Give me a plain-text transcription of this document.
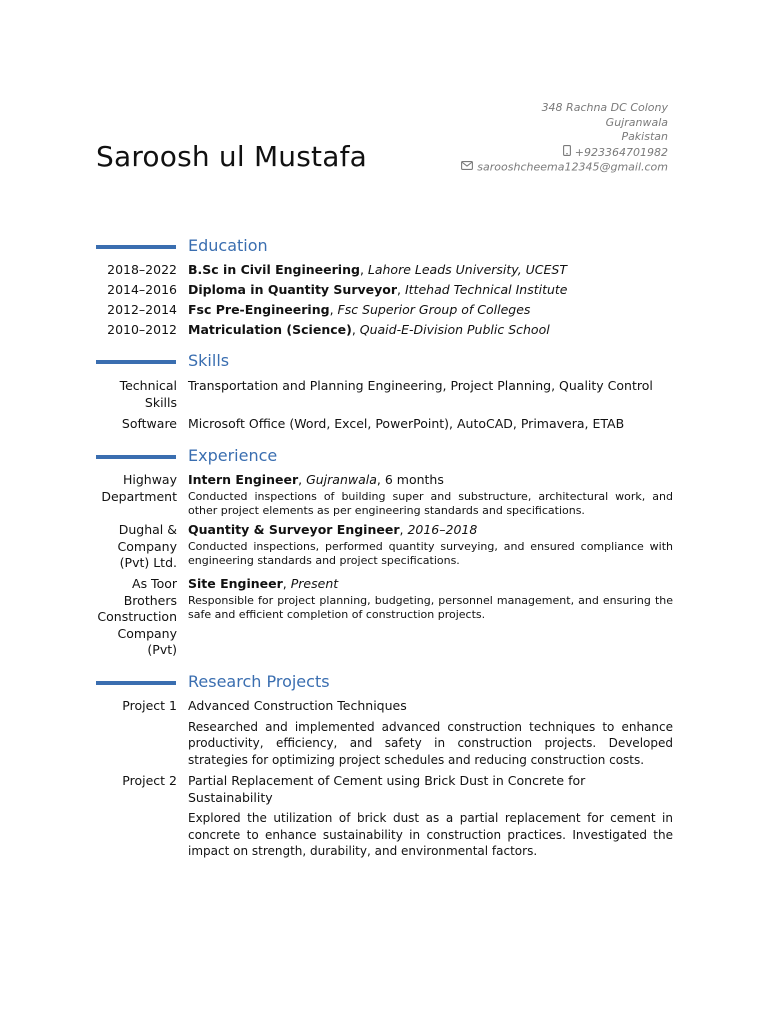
348 Rachna DC Colony
Gujranwala
Pakistan
+923364701982
sarooshcheema12345@gmail.com
Saroosh ul Mustafa
Education
2018–2022 B.Sc in Civil Engineering, Lahore Leads University, UCEST
2014–2016 Diploma in Quantity Surveyor, Ittehad Technical Institute
2012–2014 Fsc Pre-Engineering, Fsc Superior Group of Colleges
2010–2012 Matriculation (Science), Quaid-E-Division Public School
Skills
Technical Skills
Transportation and Planning Engineering, Project Planning, Quality Control
Software Microsoft Office (Word, Excel, PowerPoint), AutoCAD, Primavera, ETAB
Experience
Highway Department
Intern Engineer, Gujranwala, 6 months
Conducted inspections of building super and substructure, architectural work, and other project elements as per engineering standards and specifications.
Dughal & Company (Pvt) Ltd.
Quantity & Surveyor Engineer, 2016–2018
Conducted inspections, performed quantity surveying, and ensured compliance with engineering standards and project specifications.
As Toor Brothers Construction Company (Pvt)
Site Engineer, Present
Responsible for project planning, budgeting, personnel management, and ensuring the safe and efficient completion of construction projects.
Research Projects
Project 1 Advanced Construction Techniques
Researched and implemented advanced construction techniques to enhance productivity, efficiency, and safety in construction projects. Developed strategies for optimizing project schedules and reducing construction costs.
Project 2 Partial Replacement of Cement using Brick Dust in Concrete for Sustainability
Explored the utilization of brick dust as a partial replacement for cement in concrete to enhance sustainability in construction practices. Investigated the impact on strength, durability, and environmental factors.
